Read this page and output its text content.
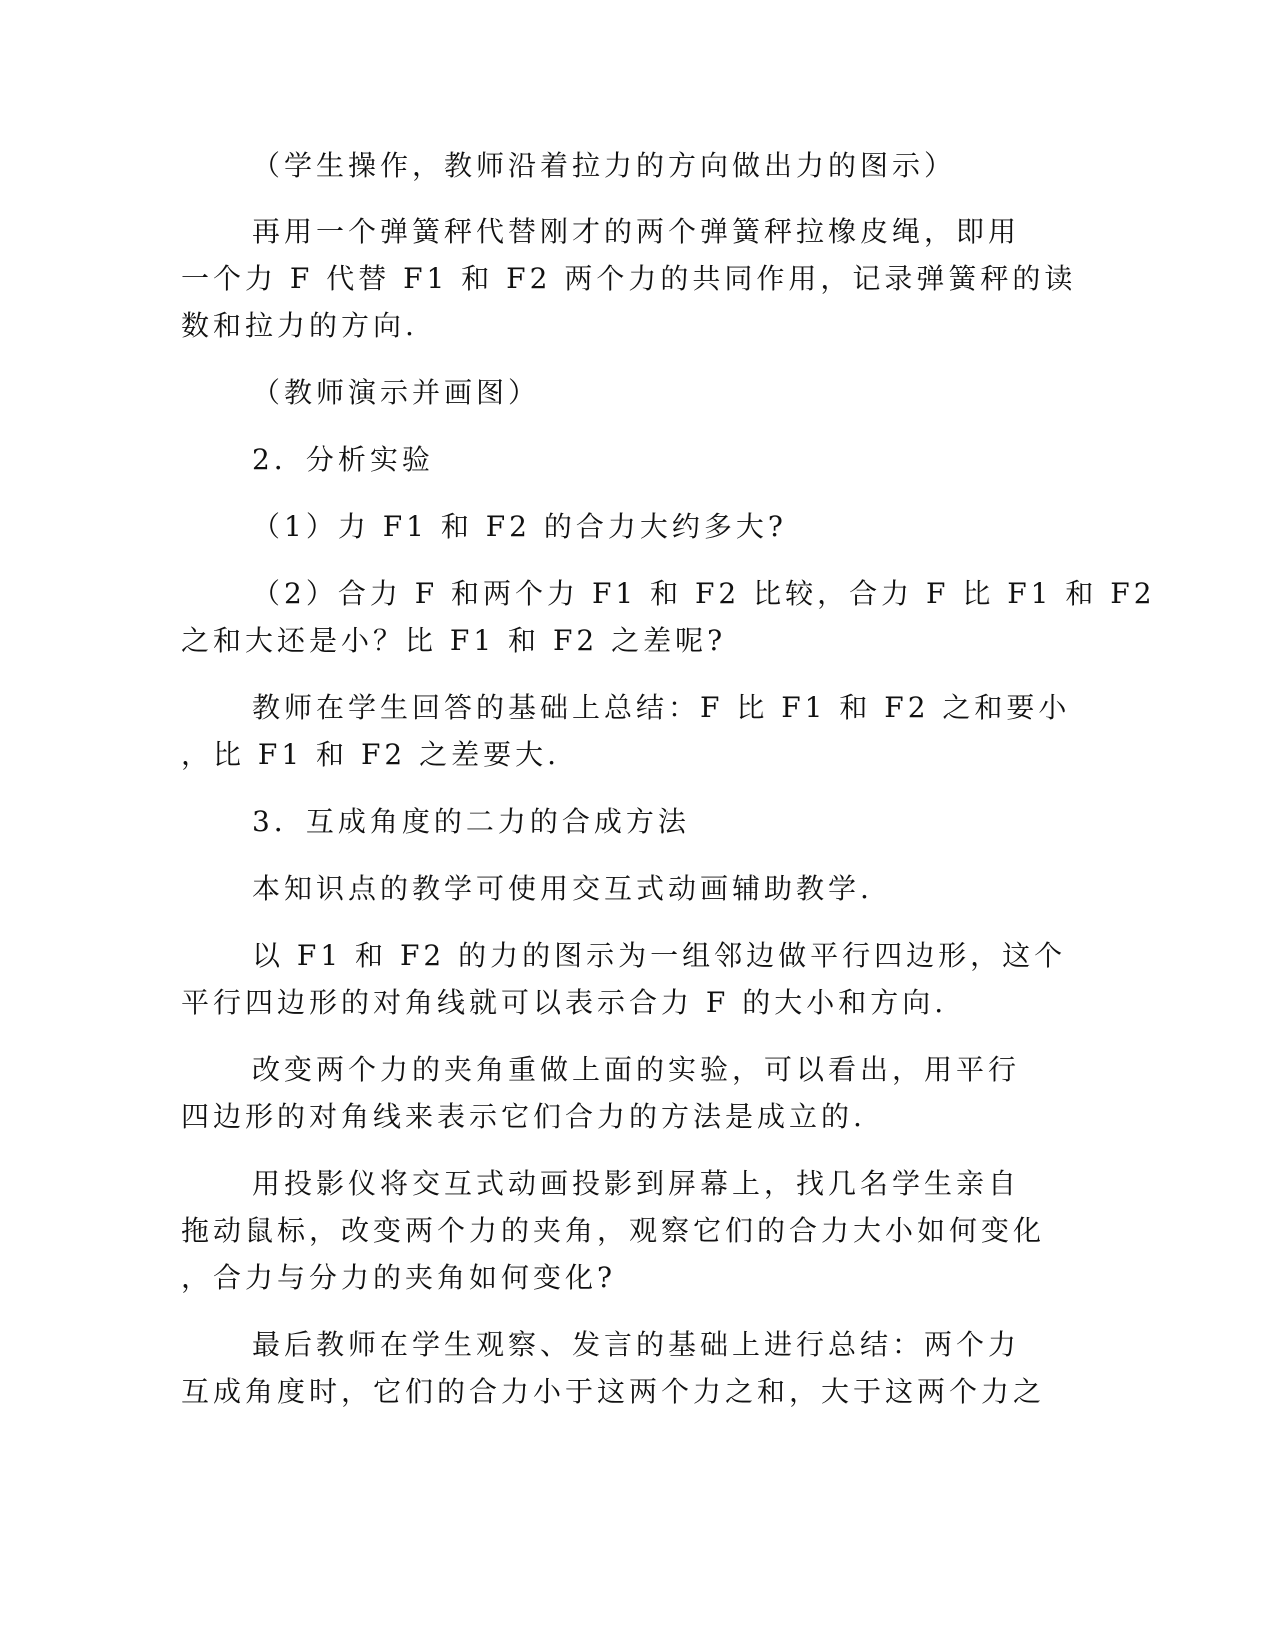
（学生操作，教师沿着拉力的方向做出力的图示）
再用一个弹簧秤代替刚才的两个弹簧秤拉橡皮绳，即用
一个力 F 代替 F1 和 F2 两个力的共同作用，记录弹簧秤的读
数和拉力的方向.
（教师演示并画图）
2．分析实验
（1）力 F1 和 F2 的合力大约多大?
（2）合力 F 和两个力 F1 和 F2 比较，合力 F 比 F1 和 F2
之和大还是小？比 F1 和 F2 之差呢?
教师在学生回答的基础上总结：F 比 F1 和 F2 之和要小
，比 F1 和 F2 之差要大.
3．互成角度的二力的合成方法
本知识点的教学可使用交互式动画辅助教学.
以 F1 和 F2 的力的图示为一组邻边做平行四边形，这个
平行四边形的对角线就可以表示合力 F 的大小和方向.
改变两个力的夹角重做上面的实验，可以看出，用平行
四边形的对角线来表示它们合力的方法是成立的.
用投影仪将交互式动画投影到屏幕上，找几名学生亲自
拖动鼠标，改变两个力的夹角，观察它们的合力大小如何变化
，合力与分力的夹角如何变化?
最后教师在学生观察、发言的基础上进行总结：两个力
互成角度时，它们的合力小于这两个力之和，大于这两个力之
